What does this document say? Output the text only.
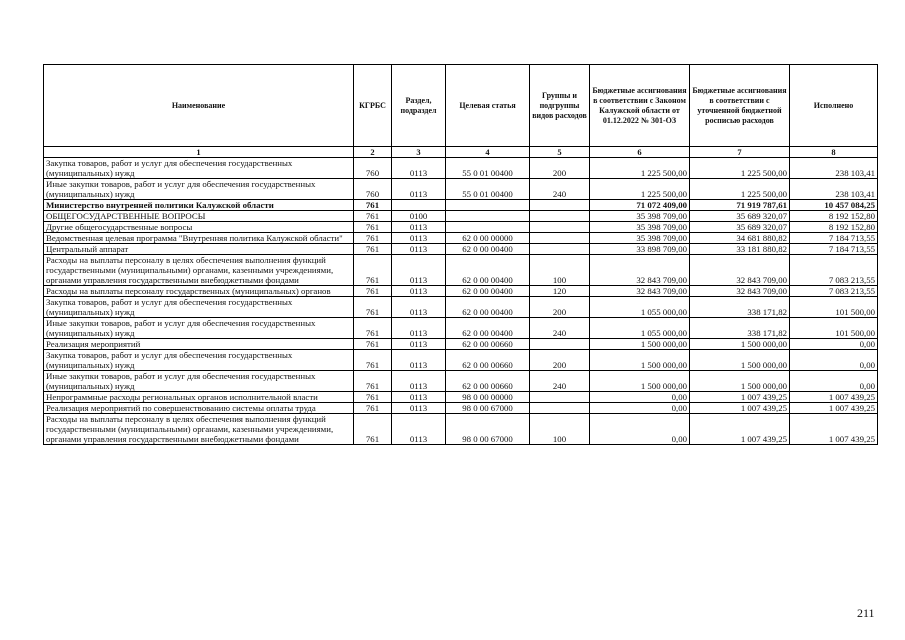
Наименование	КГРБС	Раздел, подраздел	Целевая статья	Группы и подгруппы видов расходов	Бюджетные ассигнования в соответствии с Законом Калужской области от 01.12.2022 № 301-ОЗ	Бюджетные ассигнования в соответствии с уточненной бюджетной росписью расходов	Исполнено
1	2	3	4	5	6	7	8
Закупка товаров, работ и услуг для обеспечения государственных (муниципальных) нужд	760	0113	55 0 01 00400	200	1 225 500,00	1 225 500,00	238 103,41
Иные закупки товаров, работ и услуг для обеспечения государственных (муниципальных) нужд	760	0113	55 0 01 00400	240	1 225 500,00	1 225 500,00	238 103,41
Министерство внутренней политики Калужской области	761				71 072 409,00	71 919 787,61	10 457 084,25
ОБЩЕГОСУДАРСТВЕННЫЕ ВОПРОСЫ	761	0100			35 398 709,00	35 689 320,07	8 192 152,80
Другие общегосударственные вопросы	761	0113			35 398 709,00	35 689 320,07	8 192 152,80
Ведомственная целевая программа "Внутренняя политика Калужской области"	761	0113	62 0 00 00000		35 398 709,00	34 681 880,82	7 184 713,55
Центральный аппарат	761	0113	62 0 00 00400		33 898 709,00	33 181 880,82	7 184 713,55
Расходы на выплаты персоналу в целях обеспечения выполнения функций государственными (муниципальными) органами, казенными учреждениями, органами управления государственными внебюджетными фондами	761	0113	62 0 00 00400	100	32 843 709,00	32 843 709,00	7 083 213,55
Расходы на выплаты персоналу государственных (муниципальных) органов	761	0113	62 0 00 00400	120	32 843 709,00	32 843 709,00	7 083 213,55
Закупка товаров, работ и услуг для обеспечения государственных (муниципальных) нужд	761	0113	62 0 00 00400	200	1 055 000,00	338 171,82	101 500,00
Иные закупки товаров, работ и услуг для обеспечения государственных (муниципальных) нужд	761	0113	62 0 00 00400	240	1 055 000,00	338 171,82	101 500,00
Реализация мероприятий	761	0113	62 0 00 00660		1 500 000,00	1 500 000,00	0,00
Закупка товаров, работ и услуг для обеспечения государственных (муниципальных) нужд	761	0113	62 0 00 00660	200	1 500 000,00	1 500 000,00	0,00
Иные закупки товаров, работ и услуг для обеспечения государственных (муниципальных) нужд	761	0113	62 0 00 00660	240	1 500 000,00	1 500 000,00	0,00
Непрограммные расходы региональных органов исполнительной власти	761	0113	98 0 00 00000		0,00	1 007 439,25	1 007 439,25
Реализация мероприятий по совершенствованию системы оплаты труда	761	0113	98 0 00 67000		0,00	1 007 439,25	1 007 439,25
Расходы на выплаты персоналу в целях обеспечения выполнения функций государственными (муниципальными) органами, казенными учреждениями, органами управления государственными внебюджетными фондами	761	0113	98 0 00 67000	100	0,00	1 007 439,25	1 007 439,25
211
